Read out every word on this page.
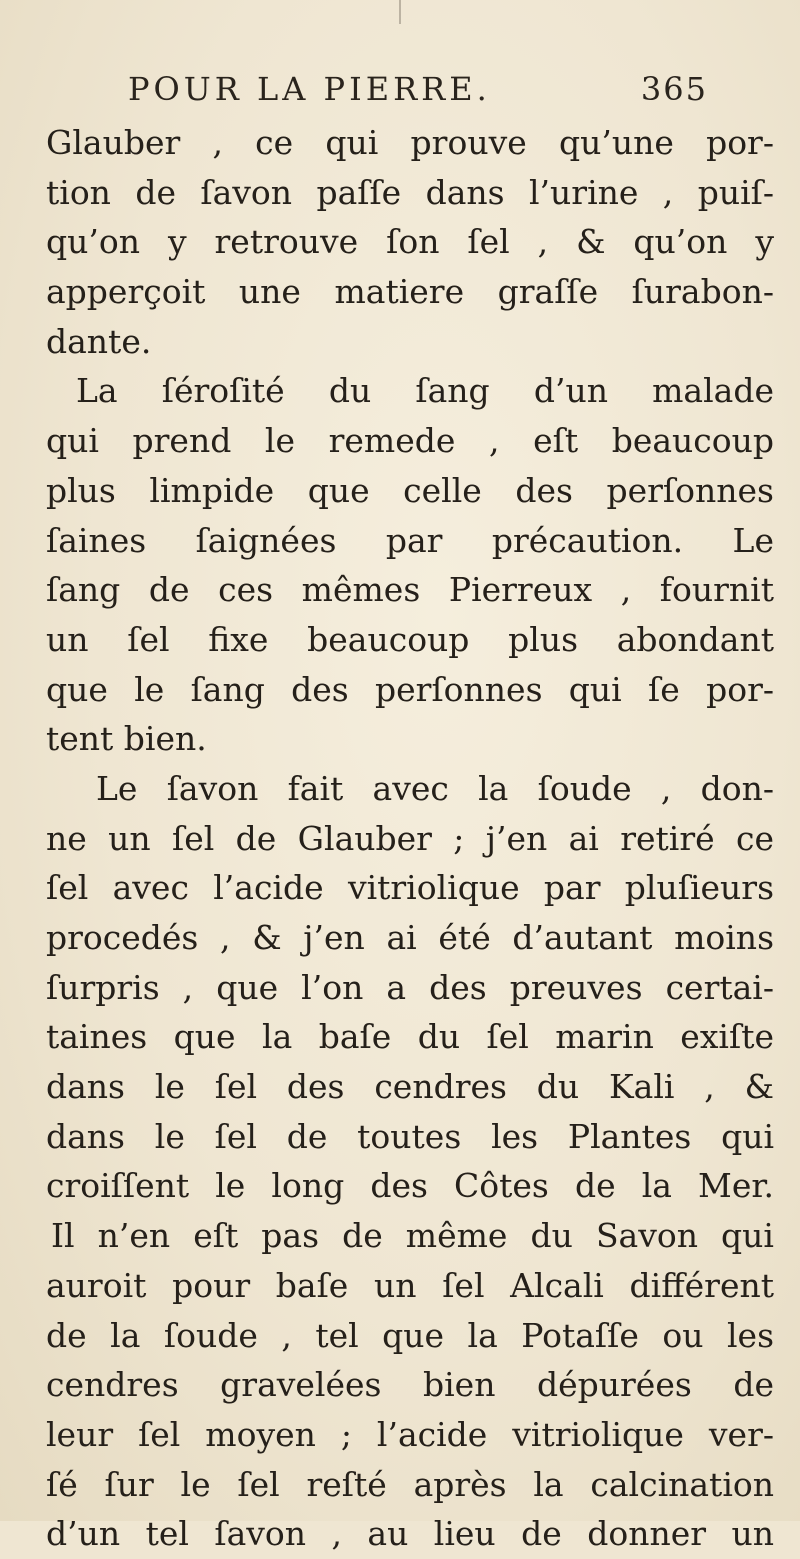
POUR LA PIERRE.	365
Glauber , ce qui prouve qu’une por-
tion de ſavon paſſe dans l’urine , puiſ-
qu’on y retrouve ſon ſel , & qu’on y
apperçoit une matiere graſſe ſurabon-
dante.
La ſéroſité du ſang d’un malade
qui prend le remede , eſt beaucoup
plus limpide que celle des perſonnes
ſaines ſaignées par précaution. Le
ſang de ces mêmes Pierreux , fournit
un ſel fixe beaucoup plus abondant
que le ſang des perſonnes qui ſe por-
tent bien.
Le ſavon fait avec la ſoude , don-
ne un ſel de Glauber ; j’en ai retiré ce
ſel avec l’acide vitriolique par pluſieurs
procedés , & j’en ai été d’autant moins
ſurpris , que l’on a des preuves certai-
taines que la baſe du ſel marin exiſte
dans le ſel des cendres du Kali , &
dans le ſel de toutes les Plantes qui
croiſſent le long des Côtes de la Mer.
Il n’en eſt pas de même du Savon qui
auroit pour baſe un ſel Alcali différent
de la ſoude , tel que la Potaſſe ou les
cendres gravelées bien dépurées de
leur ſel moyen ; l’acide vitriolique ver-
ſé ſur le ſel reſté après la calcination
d’un tel ſavon , au lieu de donner un
